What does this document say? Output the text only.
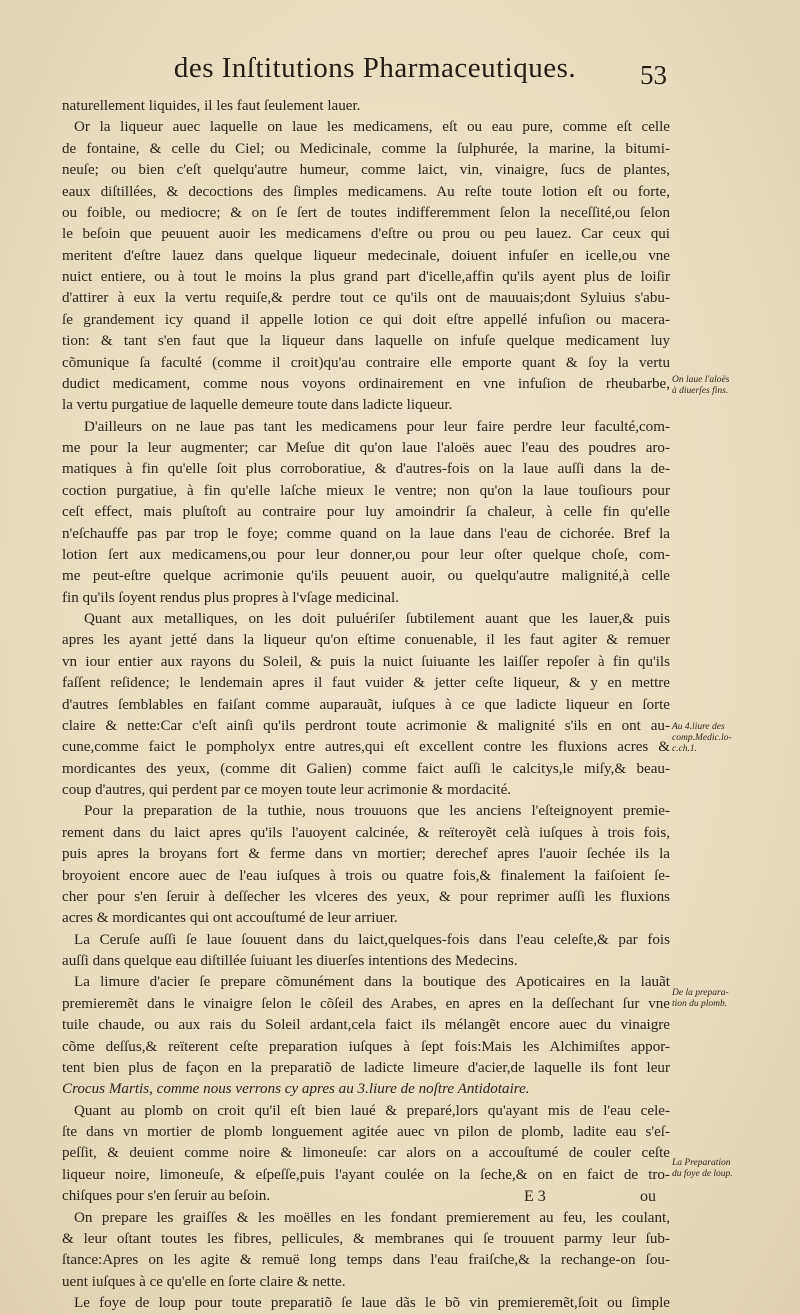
des Inſtitutions Pharmaceutiques.	53
naturellement liquides, il les faut ſeulement lauer.
Or la liqueur auec laquelle on laue les medicamens, eſt ou eau pure, comme eſt celle
de fontaine, & celle du Ciel; ou Medicinale, comme la ſulphurée, la marine, la bitumi-
neuſe; ou bien c'eſt quelqu'autre humeur, comme laict, vin, vinaigre, ſucs de plantes,
eaux diſtillées, & decoctions des ſimples medicamens. Au reſte toute lotion eſt ou forte,
ou foible, ou mediocre; & on ſe ſert de toutes indifferemment ſelon la neceſſité,ou ſelon
le beſoin que peuuent auoir les medicamens d'eſtre ou prou ou peu lauez. Car ceux qui
meritent d'eſtre lauez dans quelque liqueur medecinale, doiuent infuſer en icelle,ou vne
nuict entiere, ou à tout le moins la plus grand part d'icelle,affin qu'ils ayent plus de loiſir
d'attirer à eux la vertu requiſe,& perdre tout ce qu'ils ont de mauuais;dont Syluius s'abu-
ſe grandement icy quand il appelle lotion ce qui doit eſtre appellé infuſion ou macera-
tion: & tant s'en faut que la liqueur dans laquelle on infuſe quelque medicament luy
cõmunique ſa faculté (comme il croit)qu'au contraire elle emporte quant & ſoy la vertu
dudict medicament, comme nous voyons ordinairement en vne infuſion de rheubarbe,
la vertu purgatiue de laquelle demeure toute dans ladicte liqueur.
D'ailleurs on ne laue pas tant les medicamens pour leur faire perdre leur faculté,com-
me pour la leur augmenter; car Meſue dit qu'on laue l'aloës auec l'eau des poudres aro-
matiques à fin qu'elle ſoit plus corroboratiue, & d'autres-fois on la laue auſſi dans la de-
coction purgatiue, à fin qu'elle laſche mieux le ventre; non qu'on la laue touſiours pour
ceſt effect, mais pluſtoſt au contraire pour luy amoindrir ſa chaleur, à celle fin qu'elle
n'eſchauffe pas par trop le foye; comme quand on la laue dans l'eau de cichorée. Bref la
lotion ſert aux medicamens,ou pour leur donner,ou pour leur oſter quelque choſe, com-
me peut-eſtre quelque acrimonie qu'ils peuuent auoir, ou quelqu'autre malignité,à celle
fin qu'ils ſoyent rendus plus propres à l'vſage medicinal.
Quant aux metalliques, on les doit puluériſer ſubtilement auant que les lauer,& puis
apres les ayant jetté dans la liqueur qu'on eſtime conuenable, il les faut agiter & remuer
vn iour entier aux rayons du Soleil, & puis la nuict ſuiuante les laiſſer repoſer à fin qu'ils
faſſent reſidence; le lendemain apres il faut vuider & jetter ceſte liqueur, & y en mettre
d'autres ſemblables en faiſant comme auparauãt, iuſques à ce que ladicte liqueur en ſorte
claire & nette:Car c'eſt ainſi qu'ils perdront toute acrimonie & malignité s'ils en ont au-
cune,comme faict le pompholyx entre autres,qui eſt excellent contre les fluxions acres &
mordicantes des yeux, (comme dit Galien) comme faict auſſi le calcitys,le miſy,& beau-
coup d'autres, qui perdent par ce moyen toute leur acrimonie & mordacité.
Pour la preparation de la tuthie, nous trouuons que les anciens l'eſteignoyent premie-
rement dans du laict apres qu'ils l'auoyent calcinée, & reïteroyẽt celà iuſques à trois fois,
puis apres la broyans fort & ferme dans vn mortier; derechef apres l'auoir ſechée ils la
broyoient encore auec de l'eau iuſques à trois ou quatre fois,& finalement la faiſoient ſe-
cher pour s'en ſeruir à deſſecher les vlceres des yeux, & pour reprimer auſſi les fluxions
acres & mordicantes qui ont accouſtumé de leur arriuer.
La Ceruſe auſſi ſe laue ſouuent dans du laict,quelques-fois dans l'eau celeſte,& par fois
auſſi dans quelque eau diſtillée ſuiuant les diuerſes intentions des Medecins.
La limure d'acier ſe prepare cõmunément dans la boutique des Apoticaires en la lauãt
premieremẽt dans le vinaigre ſelon le cõſeil des Arabes, en apres en la deſſechant ſur vne
tuile chaude, ou aux rais du Soleil ardant,cela faict ils mélangẽt encore auec du vinaigre
cõme deſſus,& reïterent ceſte preparation iuſques à ſept fois:Mais les Alchimiſtes appor-
tent bien plus de façon en la preparatiõ de ladicte limeure d'acier,de laquelle ils font leur
Crocus Martis, comme nous verrons cy apres au 3.liure de noſtre Antidotaire.
Quant au plomb on croit qu'il eſt bien laué & preparé,lors qu'ayant mis de l'eau cele-
ſte dans vn mortier de plomb longuement agitée auec vn pilon de plomb, ladite eau s'eſ-
peſſit, & deuient comme noire & limoneuſe: car alors on a accouſtumé de couler ceſte
liqueur noire, limoneuſe, & eſpeſſe,puis l'ayant coulée on la ſeche,& on en faict de tro-
chiſques pour s'en ſeruir au beſoin.
On prepare les graiſſes & les moëlles en les fondant premierement au feu, les coulant,
& leur oſtant toutes les fibres, pellicules, & membranes qui ſe trouuent parmy leur ſub-
ſtance:Apres on les agite & remuë long temps dans l'eau fraiſche,& la rechange-on ſou-
uent iuſques à ce qu'elle en ſorte claire & nette.
Le foye de loup pour toute preparatiõ ſe laue dãs le bõ vin premieremẽt,ſoit ou ſimple
On laue l'aloës
à diuerſes fins.
Au 4.liure des
comp.Medic.lo-
c.ch.1.
De la prepara-
tion du plomb.
La Preparation
du foye de loup.
E 3	ou
